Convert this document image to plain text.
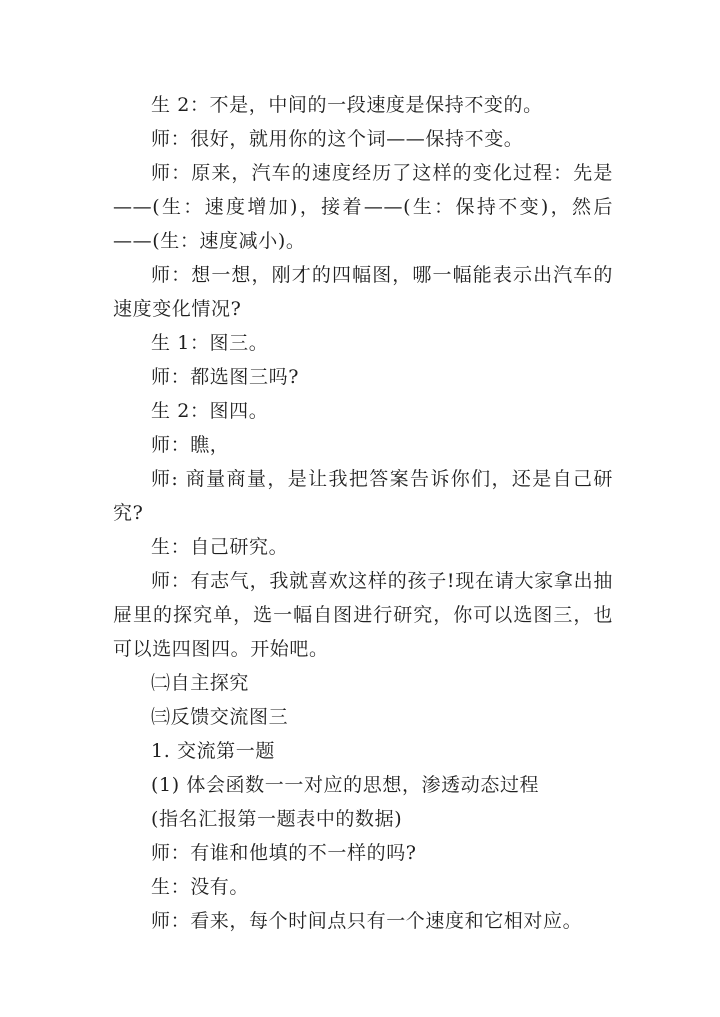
生 2：不是，中间的一段速度是保持不变的。

师：很好，就用你的这个词——保持不变。

师：原来，汽车的速度经历了这样的变化过程：先是——(生：速度增加)，接着——(生：保持不变)，然后——(生：速度减小)。

师：想一想，刚才的四幅图，哪一幅能表示出汽车的速度变化情况?

生 1：图三。

师：都选图三吗?

生 2：图四。

师：瞧，

师: 商量商量，是让我把答案告诉你们，还是自己研究?

生：自己研究。

师：有志气，我就喜欢这样的孩子!现在请大家拿出抽屉里的探究单，选一幅自图进行研究，你可以选图三，也可以选四图四。开始吧。

㈡自主探究

㈢反馈交流图三

1. 交流第一题

(1) 体会函数一一对应的思想，渗透动态过程

(指名汇报第一题表中的数据)

师：有谁和他填的不一样的吗?

生：没有。

师：看来，每个时间点只有一个速度和它相对应。
